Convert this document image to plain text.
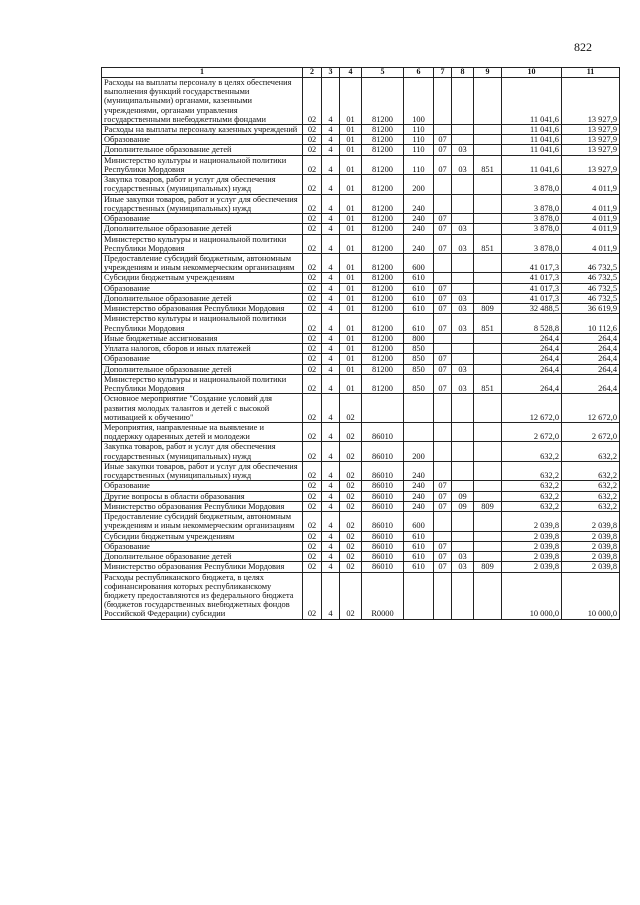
822
1	2	3	4	5	6	7	8	9	10	11
Расходы на выплаты персоналу в целях обеспечения выполнения функций государственными (муниципальными) органами, казенными учреждениями, органами управления государственными внебюджетными фондами	02	4	01	81200	100				11 041,6	13 927,9
Расходы на выплаты персоналу казенных учреждений	02	4	01	81200	110				11 041,6	13 927,9
Образование	02	4	01	81200	110	07			11 041,6	13 927,9
Дополнительное образование детей	02	4	01	81200	110	07	03		11 041,6	13 927,9
Министерство культуры и национальной политики Республики Мордовия	02	4	01	81200	110	07	03	851	11 041,6	13 927,9
Закупка товаров, работ и услуг для обеспечения государственных (муниципальных) нужд	02	4	01	81200	200				3 878,0	4 011,9
Иные закупки товаров, работ и услуг для обеспечения государственных (муниципальных) нужд	02	4	01	81200	240				3 878,0	4 011,9
Образование	02	4	01	81200	240	07			3 878,0	4 011,9
Дополнительное образование детей	02	4	01	81200	240	07	03		3 878,0	4 011,9
Министерство культуры и национальной политики Республики Мордовия	02	4	01	81200	240	07	03	851	3 878,0	4 011,9
Предоставление субсидий бюджетным, автономным учреждениям и иным некоммерческим организациям	02	4	01	81200	600				41 017,3	46 732,5
Субсидии бюджетным учреждениям	02	4	01	81200	610				41 017,3	46 732,5
Образование	02	4	01	81200	610	07			41 017,3	46 732,5
Дополнительное образование детей	02	4	01	81200	610	07	03		41 017,3	46 732,5
Министерство образования Республики Мордовия	02	4	01	81200	610	07	03	809	32 488,5	36 619,9
Министерство культуры и национальной политики Республики Мордовия	02	4	01	81200	610	07	03	851	8 528,8	10 112,6
Иные бюджетные ассигнования	02	4	01	81200	800				264,4	264,4
Уплата налогов, сборов и иных платежей	02	4	01	81200	850				264,4	264,4
Образование	02	4	01	81200	850	07			264,4	264,4
Дополнительное образование детей	02	4	01	81200	850	07	03		264,4	264,4
Министерство культуры и национальной политики Республики Мордовия	02	4	01	81200	850	07	03	851	264,4	264,4
Основное мероприятие "Создание условий для развития молодых талантов и детей с высокой мотивацией к обучению"	02	4	02						12 672,0	12 672,0
Мероприятия, направленные на выявление и поддержку одаренных детей и молодежи	02	4	02	86010					2 672,0	2 672,0
Закупка товаров, работ и услуг для обеспечения государственных (муниципальных) нужд	02	4	02	86010	200				632,2	632,2
Иные закупки товаров, работ и услуг для обеспечения государственных (муниципальных) нужд	02	4	02	86010	240				632,2	632,2
Образование	02	4	02	86010	240	07			632,2	632,2
Другие вопросы в области образования	02	4	02	86010	240	07	09		632,2	632,2
Министерство образования Республики Мордовия	02	4	02	86010	240	07	09	809	632,2	632,2
Предоставление субсидий бюджетным, автономным учреждениям и иным некоммерческим организациям	02	4	02	86010	600				2 039,8	2 039,8
Субсидии бюджетным учреждениям	02	4	02	86010	610				2 039,8	2 039,8
Образование	02	4	02	86010	610	07			2 039,8	2 039,8
Дополнительное образование детей	02	4	02	86010	610	07	03		2 039,8	2 039,8
Министерство образования Республики Мордовия	02	4	02	86010	610	07	03	809	2 039,8	2 039,8
Расходы республиканского бюджета, в целях софинансирования которых республиканскому бюджету предоставляются из федерального бюджета (бюджетов государственных внебюджетных фондов Российской Федерации) субсидии	02	4	02	R0000					10 000,0	10 000,0
